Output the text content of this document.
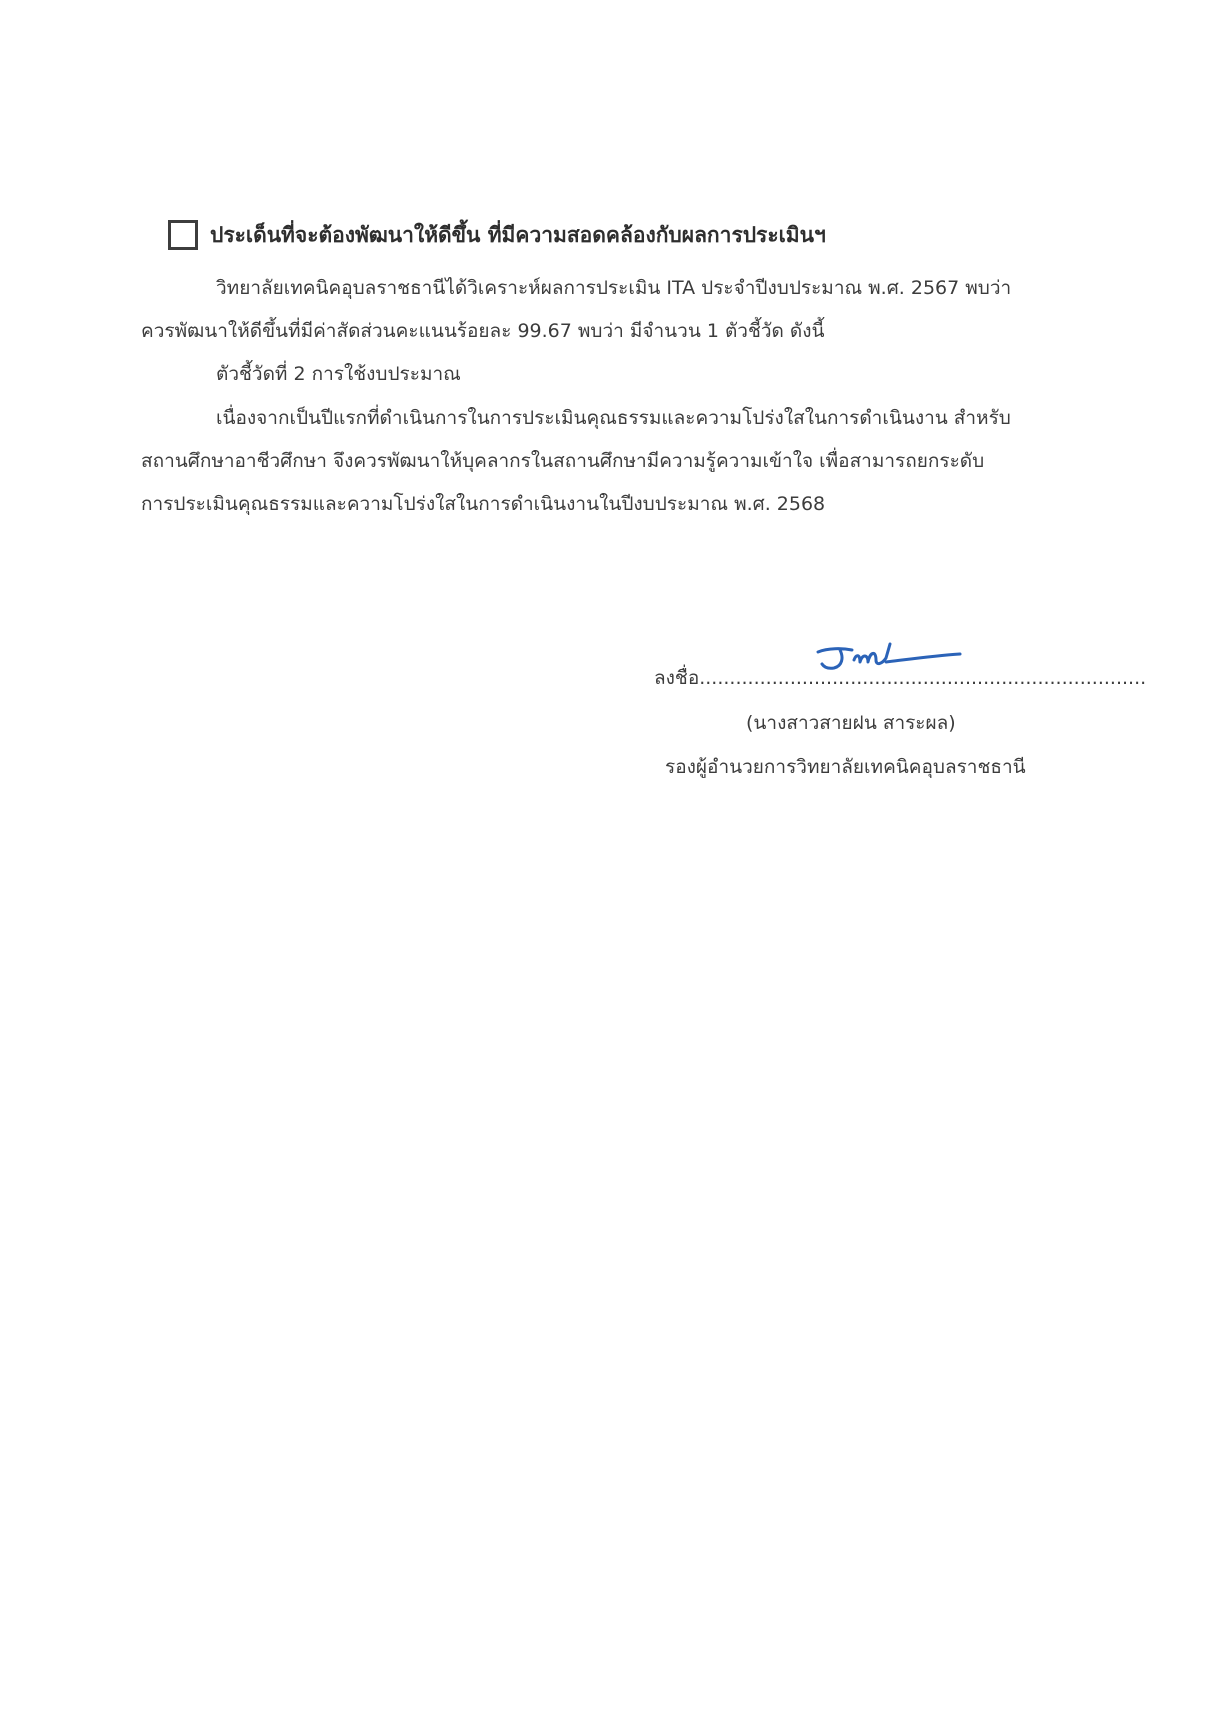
ประเด็นที่จะต้องพัฒนาให้ดีขึ้น ที่มีความสอดคล้องกับผลการประเมินฯ
วิทยาลัยเทคนิคอุบลราชธานีได้วิเคราะห์ผลการประเมิน ITA ประจำปีงบประมาณ พ.ศ. 2567 พบว่า
ควรพัฒนาให้ดีขึ้นที่มีค่าสัดส่วนคะแนนร้อยละ 99.67 พบว่า มีจำนวน 1 ตัวชี้วัด ดังนี้
ตัวชี้วัดที่ 2 การใช้งบประมาณ
เนื่องจากเป็นปีแรกที่ดำเนินการในการประเมินคุณธรรมและความโปร่งใสในการดำเนินงาน สำหรับ
สถานศึกษาอาชีวศึกษา จึงควรพัฒนาให้บุคลากรในสถานศึกษามีความรู้ความเข้าใจ เพื่อสามารถยกระดับ
การประเมินคุณธรรมและความโปร่งใสในการดำเนินงานในปีงบประมาณ พ.ศ. 2568
ลงชื่อ..........................................................................
(นางสาวสายฝน สาระผล)
รองผู้อำนวยการวิทยาลัยเทคนิคอุบลราชธานี
